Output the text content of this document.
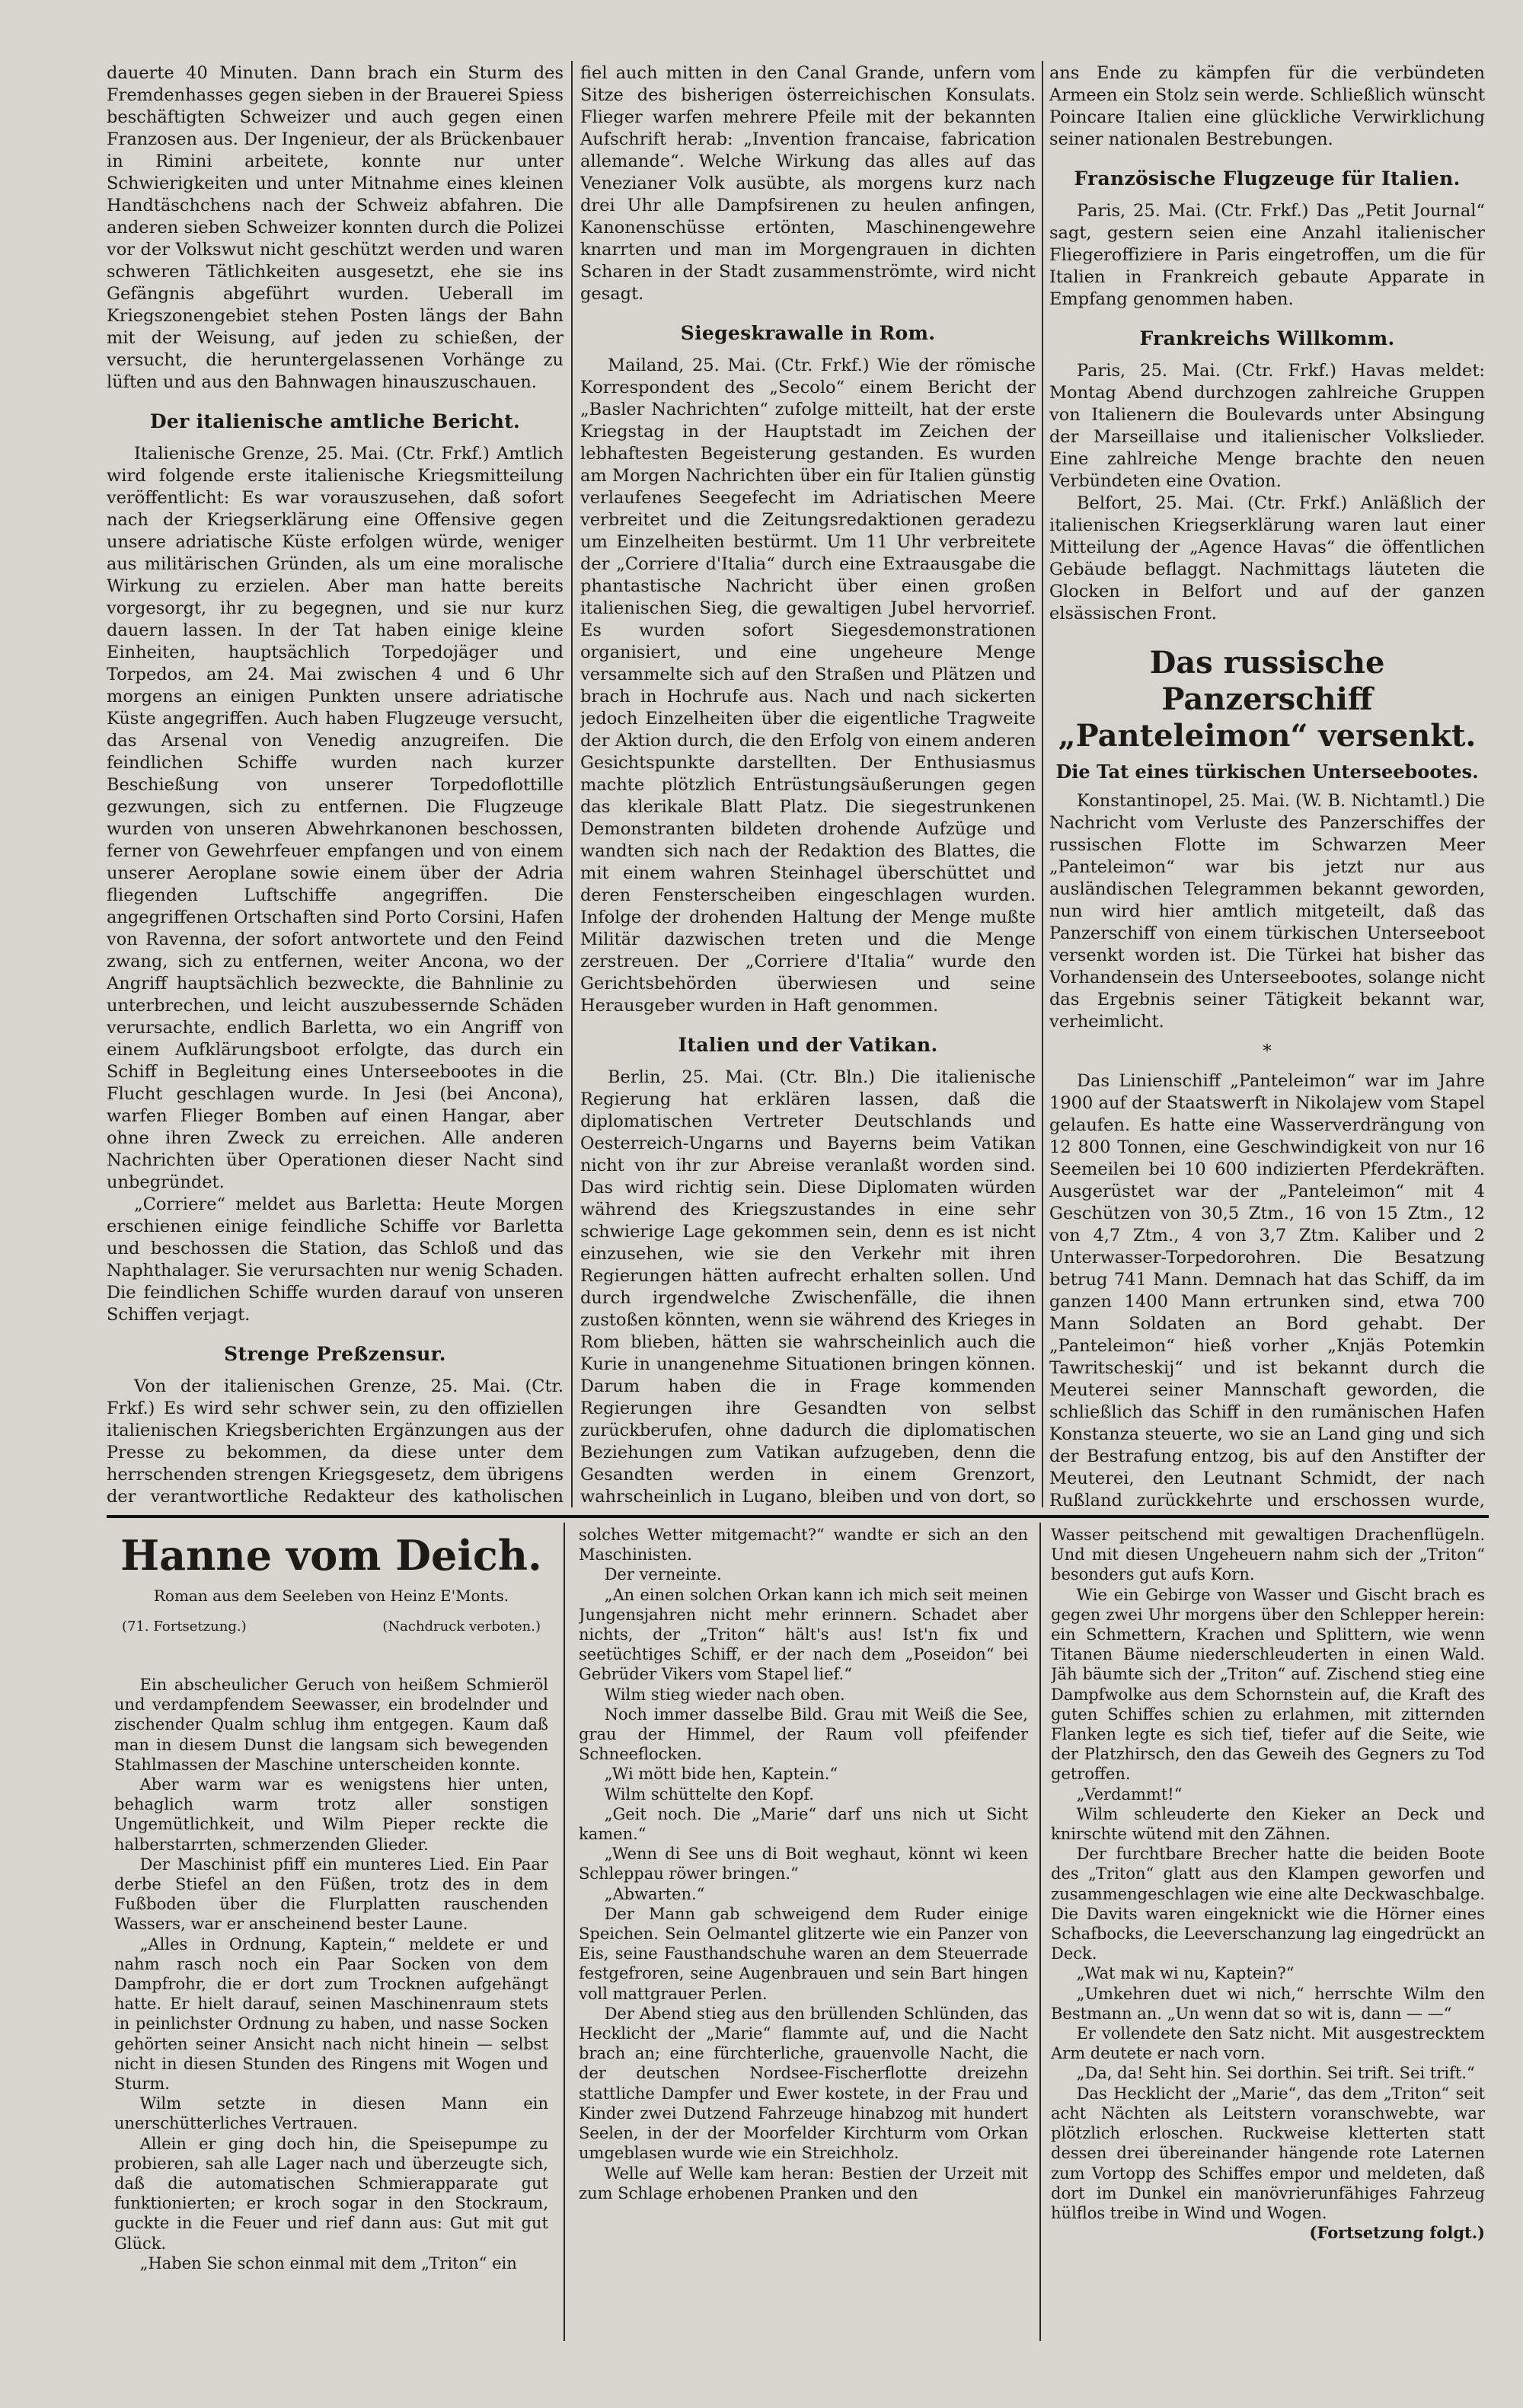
dauerte 40 Minuten. Dann brach ein Sturm des Fremdenhasses gegen sieben in der Brauerei Spiess beschäftigten Schweizer und auch gegen einen Franzosen aus. Der Ingenieur, der als Brückenbauer in Rimini arbeitete, konnte nur unter Schwierigkeiten und unter Mitnahme eines kleinen Handtäschchens nach der Schweiz abfahren. Die anderen sieben Schweizer konnten durch die Polizei vor der Volkswut nicht geschützt werden und waren schweren Tätlichkeiten ausgesetzt, ehe sie ins Gefängnis abgeführt wurden. Ueberall im Kriegszonengebiet stehen Posten längs der Bahn mit der Weisung, auf jeden zu schießen, der versucht, die heruntergelassenen Vorhänge zu lüften und aus den Bahnwagen hinauszuschauen.

Der italienische amtliche Bericht.

Italienische Grenze, 25. Mai. (Ctr. Frkf.) Amtlich wird folgende erste italienische Kriegsmitteilung veröffentlicht: Es war vorauszusehen, daß sofort nach der Kriegserklärung eine Offensive gegen unsere adriatische Küste erfolgen würde, weniger aus militärischen Gründen, als um eine moralische Wirkung zu erzielen. Aber man hatte bereits vorgesorgt, ihr zu begegnen, und sie nur kurz dauern lassen. In der Tat haben einige kleine Einheiten, hauptsächlich Torpedojäger und Torpedos, am 24. Mai zwischen 4 und 6 Uhr morgens an einigen Punkten unsere adriatische Küste angegriffen. Auch haben Flugzeuge versucht, das Arsenal von Venedig anzugreifen. Die feindlichen Schiffe wurden nach kurzer Beschießung von unserer Torpedoflottille gezwungen, sich zu entfernen. Die Flugzeuge wurden von unseren Abwehrkanonen beschossen, ferner von Gewehrfeuer empfangen und von einem unserer Aeroplane sowie einem über der Adria fliegenden Luftschiffe angegriffen. Die angegriffenen Ortschaften sind Porto Corsini, Hafen von Ravenna, der sofort antwortete und den Feind zwang, sich zu entfernen, weiter Ancona, wo der Angriff hauptsächlich bezweckte, die Bahnlinie zu unterbrechen, und leicht auszubessernde Schäden verursachte, endlich Barletta, wo ein Angriff von einem Aufklärungsboot erfolgte, das durch ein Schiff in Begleitung eines Unterseebootes in die Flucht geschlagen wurde. In Jesi (bei Ancona), warfen Flieger Bomben auf einen Hangar, aber ohne ihren Zweck zu erreichen. Alle anderen Nachrichten über Operationen dieser Nacht sind unbegründet.

„Corriere“ meldet aus Barletta: Heute Morgen erschienen einige feindliche Schiffe vor Barletta und beschossen die Station, das Schloß und das Naphthalager. Sie verursachten nur wenig Schaden. Die feindlichen Schiffe wurden darauf von unseren Schiffen verjagt.

Strenge Preßzensur.

Von der italienischen Grenze, 25. Mai. (Ctr. Frkf.) Es wird sehr schwer sein, zu den offiziellen italienischen Kriegsberichten Ergänzungen aus der Presse zu bekommen, da diese unter dem herrschenden strengen Kriegsgesetz, dem übrigens der verantwortliche Redakteur des katholischen

fiel auch mitten in den Canal Grande, unfern vom Sitze des bisherigen österreichischen Konsulats. Flieger warfen mehrere Pfeile mit der bekannten Aufschrift herab: „Invention francaise, fabrication allemande“. Welche Wirkung das alles auf das Venezianer Volk ausübte, als morgens kurz nach drei Uhr alle Dampfsirenen zu heulen anfingen, Kanonenschüsse ertönten, Maschinengewehre knarrten und man im Morgengrauen in dichten Scharen in der Stadt zusammenströmte, wird nicht gesagt.

Siegeskrawalle in Rom.

Mailand, 25. Mai. (Ctr. Frkf.) Wie der römische Korrespondent des „Secolo“ einem Bericht der „Basler Nachrichten“ zufolge mitteilt, hat der erste Kriegstag in der Hauptstadt im Zeichen der lebhaftesten Begeisterung gestanden. Es wurden am Morgen Nachrichten über ein für Italien günstig verlaufenes Seegefecht im Adriatischen Meere verbreitet und die Zeitungsredaktionen geradezu um Einzelheiten bestürmt. Um 11 Uhr verbreitete der „Corriere d'Italia“ durch eine Extraausgabe die phantastische Nachricht über einen großen italienischen Sieg, die gewaltigen Jubel hervorrief. Es wurden sofort Siegesdemonstrationen organisiert, und eine ungeheure Menge versammelte sich auf den Straßen und Plätzen und brach in Hochrufe aus. Nach und nach sickerten jedoch Einzelheiten über die eigentliche Tragweite der Aktion durch, die den Erfolg von einem anderen Gesichtspunkte darstellten. Der Enthusiasmus machte plötzlich Entrüstungsäußerungen gegen das klerikale Blatt Platz. Die siegestrunkenen Demonstranten bildeten drohende Aufzüge und wandten sich nach der Redaktion des Blattes, die mit einem wahren Steinhagel überschüttet und deren Fensterscheiben eingeschlagen wurden. Infolge der drohenden Haltung der Menge mußte Militär dazwischen treten und die Menge zerstreuen. Der „Corriere d'Italia“ wurde den Gerichtsbehörden überwiesen und seine Herausgeber wurden in Haft genommen.

Italien und der Vatikan.

Berlin, 25. Mai. (Ctr. Bln.) Die italienische Regierung hat erklären lassen, daß die diplomatischen Vertreter Deutschlands und Oesterreich-Ungarns und Bayerns beim Vatikan nicht von ihr zur Abreise veranlaßt worden sind. Das wird richtig sein. Diese Diplomaten würden während des Kriegszustandes in eine sehr schwierige Lage gekommen sein, denn es ist nicht einzusehen, wie sie den Verkehr mit ihren Regierungen hätten aufrecht erhalten sollen. Und durch irgendwelche Zwischenfälle, die ihnen zustoßen könnten, wenn sie während des Krieges in Rom blieben, hätten sie wahrscheinlich auch die Kurie in unangenehme Situationen bringen können. Darum haben die in Frage kommenden Regierungen ihre Gesandten von selbst zurückberufen, ohne dadurch die diplomatischen Beziehungen zum Vatikan aufzugeben, denn die Gesandten werden in einem Grenzort, wahrscheinlich in Lugano, bleiben und von dort, so

ans Ende zu kämpfen für die verbündeten Armeen ein Stolz sein werde. Schließlich wünscht Poincare Italien eine glückliche Verwirklichung seiner nationalen Bestrebungen.

Französische Flugzeuge für Italien.

Paris, 25. Mai. (Ctr. Frkf.) Das „Petit Journal“ sagt, gestern seien eine Anzahl italienischer Fliegeroffiziere in Paris eingetroffen, um die für Italien in Frankreich gebaute Apparate in Empfang genommen haben.

Frankreichs Willkomm.

Paris, 25. Mai. (Ctr. Frkf.) Havas meldet: Montag Abend durchzogen zahlreiche Gruppen von Italienern die Boulevards unter Absingung der Marseillaise und italienischer Volkslieder. Eine zahlreiche Menge brachte den neuen Verbündeten eine Ovation.

Belfort, 25. Mai. (Ctr. Frkf.) Anläßlich der italienischen Kriegserklärung waren laut einer Mitteilung der „Agence Havas“ die öffentlichen Gebäude beflaggt. Nachmittags läuteten die Glocken in Belfort und auf der ganzen elsässischen Front.

Das russische Panzerschiff „Panteleimon“ versenkt.
Die Tat eines türkischen Unterseebootes.

Konstantinopel, 25. Mai. (W. B. Nichtamtl.) Die Nachricht vom Verluste des Panzerschiffes der russischen Flotte im Schwarzen Meer „Panteleimon“ war bis jetzt nur aus ausländischen Telegrammen bekannt geworden, nun wird hier amtlich mitgeteilt, daß das Panzerschiff von einem türkischen Unterseeboot versenkt worden ist. Die Türkei hat bisher das Vorhandensein des Unterseebootes, solange nicht das Ergebnis seiner Tätigkeit bekannt war, verheimlicht.

*

Das Linienschiff „Panteleimon“ war im Jahre 1900 auf der Staatswerft in Nikolajew vom Stapel gelaufen. Es hatte eine Wasserverdrängung von 12 800 Tonnen, eine Geschwindigkeit von nur 16 Seemeilen bei 10 600 indizierten Pferdekräften. Ausgerüstet war der „Panteleimon“ mit 4 Geschützen von 30,5 Ztm., 16 von 15 Ztm., 12 von 4,7 Ztm., 4 von 3,7 Ztm. Kaliber und 2 Unterwasser-Torpedorohren. Die Besatzung betrug 741 Mann. Demnach hat das Schiff, da im ganzen 1400 Mann ertrunken sind, etwa 700 Mann Soldaten an Bord gehabt. Der „Panteleimon“ hieß vorher „Knjäs Potemkin Tawritscheskij“ und ist bekannt durch die Meuterei seiner Mannschaft geworden, die schließlich das Schiff in den rumänischen Hafen Konstanza steuerte, wo sie an Land ging und sich der Bestrafung entzog, bis auf den Anstifter der Meuterei, den Leutnant Schmidt, der nach Rußland zurückkehrte und erschossen wurde,

Hanne vom Deich.
Roman aus dem Seeleben von Heinz E'Monts.
(71. Fortsetzung.)	(Nachdruck verboten.)

Ein abscheulicher Geruch von heißem Schmieröl und verdampfendem Seewasser, ein brodelnder und zischender Qualm schlug ihm entgegen. Kaum daß man in diesem Dunst die langsam sich bewegenden Stahlmassen der Maschine unterscheiden konnte.

Aber warm war es wenigstens hier unten, behaglich warm trotz aller sonstigen Ungemütlichkeit, und Wilm Pieper reckte die halberstarrten, schmerzenden Glieder.

Der Maschinist pfiff ein munteres Lied. Ein Paar derbe Stiefel an den Füßen, trotz des in dem Fußboden über die Flurplatten rauschenden Wassers, war er anscheinend bester Laune.

„Alles in Ordnung, Kaptein,“ meldete er und nahm rasch noch ein Paar Socken von dem Dampfrohr, die er dort zum Trocknen aufgehängt hatte. Er hielt darauf, seinen Maschinenraum stets in peinlichster Ordnung zu haben, und nasse Socken gehörten seiner Ansicht nach nicht hinein — selbst nicht in diesen Stunden des Ringens mit Wogen und Sturm.

Wilm setzte in diesen Mann ein unerschütterliches Vertrauen.

Allein er ging doch hin, die Speisepumpe zu probieren, sah alle Lager nach und überzeugte sich, daß die automatischen Schmierapparate gut funktionierten; er kroch sogar in den Stockraum, guckte in die Feuer und rief dann aus: Gut mit gut Glück.

„Haben Sie schon einmal mit dem „Triton“ ein

solches Wetter mitgemacht?“ wandte er sich an den Maschinisten.

Der verneinte.

„An einen solchen Orkan kann ich mich seit meinen Jungensjahren nicht mehr erinnern. Schadet aber nichts, der „Triton“ hält's aus! Ist'n fix und seetüchtiges Schiff, er der nach dem „Poseidon“ bei Gebrüder Vikers vom Stapel lief.“

Wilm stieg wieder nach oben.

Noch immer dasselbe Bild. Grau mit Weiß die See, grau der Himmel, der Raum voll pfeifender Schneeflocken.

„Wi mött bide hen, Kaptein.“

Wilm schüttelte den Kopf.

„Geit noch. Die „Marie“ darf uns nich ut Sicht kamen.“

„Wenn di See uns di Boit weghaut, könnt wi keen Schleppau röwer bringen.“

„Abwarten.“

Der Mann gab schweigend dem Ruder einige Speichen. Sein Oelmantel glitzerte wie ein Panzer von Eis, seine Fausthandschuhe waren an dem Steuerrade festgefroren, seine Augenbrauen und sein Bart hingen voll mattgrauer Perlen.

Der Abend stieg aus den brüllenden Schlünden, das Hecklicht der „Marie“ flammte auf, und die Nacht brach an; eine fürchterliche, grauenvolle Nacht, die der deutschen Nordsee-Fischerflotte dreizehn stattliche Dampfer und Ewer kostete, in der Frau und Kinder zwei Dutzend Fahrzeuge hinabzog mit hundert Seelen, in der der Moorfelder Kirchturm vom Orkan umgeblasen wurde wie ein Streichholz.

Welle auf Welle kam heran: Bestien der Urzeit mit zum Schlage erhobenen Pranken und den

Wasser peitschend mit gewaltigen Drachenflügeln. Und mit diesen Ungeheuern nahm sich der „Triton“ besonders gut aufs Korn.

Wie ein Gebirge von Wasser und Gischt brach es gegen zwei Uhr morgens über den Schlepper herein: ein Schmettern, Krachen und Splittern, wie wenn Titanen Bäume niederschleuderten in einen Wald. Jäh bäumte sich der „Triton“ auf. Zischend stieg eine Dampfwolke aus dem Schornstein auf, die Kraft des guten Schiffes schien zu erlahmen, mit zitternden Flanken legte es sich tief, tiefer auf die Seite, wie der Platzhirsch, den das Geweih des Gegners zu Tod getroffen.

„Verdammt!“

Wilm schleuderte den Kieker an Deck und knirschte wütend mit den Zähnen.

Der furchtbare Brecher hatte die beiden Boote des „Triton“ glatt aus den Klampen geworfen und zusammengeschlagen wie eine alte Deckwaschbalge. Die Davits waren eingeknickt wie die Hörner eines Schafbocks, die Leeverschanzung lag eingedrückt an Deck.

„Wat mak wi nu, Kaptein?“

„Umkehren duet wi nich,“ herrschte Wilm den Bestmann an. „Un wenn dat so wit is, dann — —“

Er vollendete den Satz nicht. Mit ausgestrecktem Arm deutete er nach vorn.

„Da, da! Seht hin. Sei dorthin. Sei trift. Sei trift.“

Das Hecklicht der „Marie“, das dem „Triton“ seit acht Nächten als Leitstern voranschwebte, war plötzlich erloschen. Ruckweise kletterten statt dessen drei übereinander hängende rote Laternen zum Vortopp des Schiffes empor und meldeten, daß dort im Dunkel ein manövrierunfähiges Fahrzeug hülflos treibe in Wind und Wogen.

(Fortsetzung folgt.)
